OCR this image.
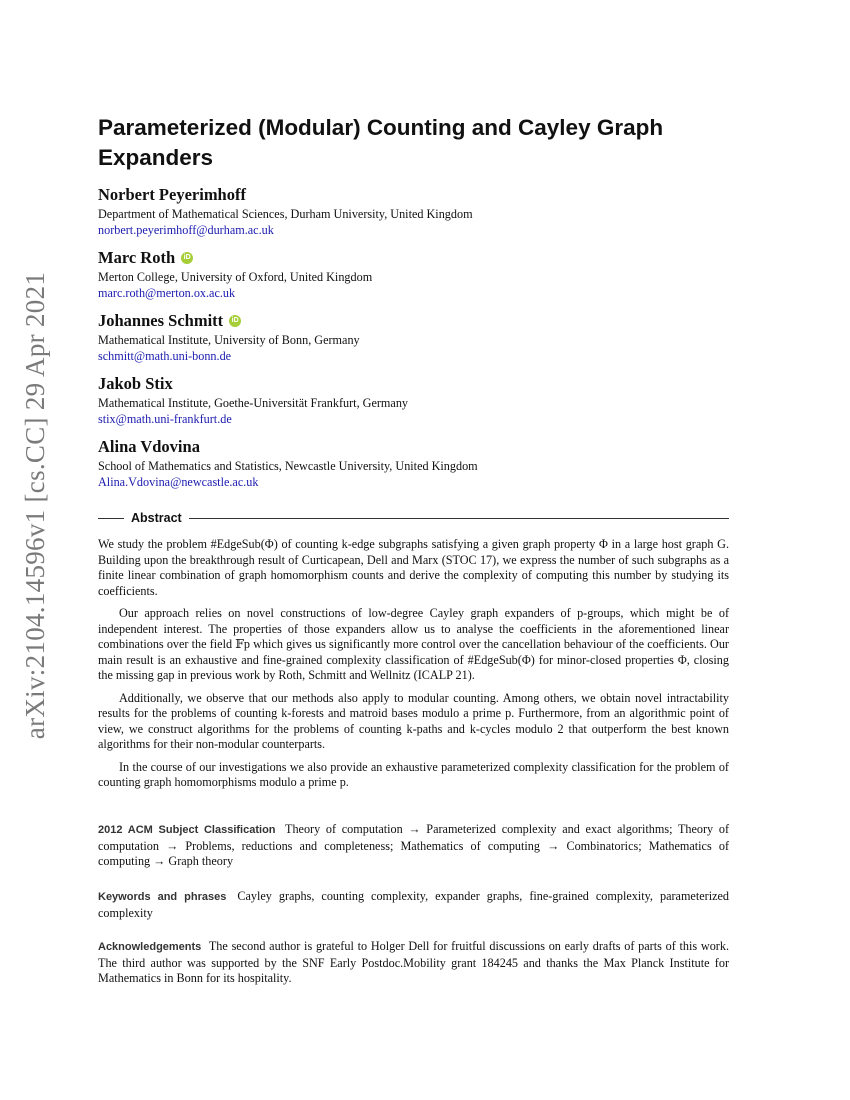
arXiv:2104.14596v1 [cs.CC] 29 Apr 2021
Parameterized (Modular) Counting and Cayley Graph Expanders
Norbert Peyerimhoff
Department of Mathematical Sciences, Durham University, United Kingdom
norbert.peyerimhoff@durham.ac.uk
Marc Roth	iD
Merton College, University of Oxford, United Kingdom
marc.roth@merton.ox.ac.uk
Johannes Schmitt	iD
Mathematical Institute, University of Bonn, Germany
schmitt@math.uni-bonn.de
Jakob Stix
Mathematical Institute, Goethe-Universität Frankfurt, Germany
stix@math.uni-frankfurt.de
Alina Vdovina
School of Mathematics and Statistics, Newcastle University, United Kingdom
Alina.Vdovina@newcastle.ac.uk
Abstract

We study the problem #EdgeSub(Φ) of counting k-edge subgraphs satisfying a given graph property Φ in a large host graph G. Building upon the breakthrough result of Curticapean, Dell and Marx (STOC 17), we express the number of such subgraphs as a finite linear combination of graph homomorphism counts and derive the complexity of computing this number by studying its coefficients.

Our approach relies on novel constructions of low-degree Cayley graph expanders of p-groups, which might be of independent interest. The properties of those expanders allow us to analyse the coefficients in the aforementioned linear combinations over the field 𝔽p which gives us significantly more control over the cancellation behaviour of the coefficients. Our main result is an exhaustive and fine-grained complexity classification of #EdgeSub(Φ) for minor-closed properties Φ, closing the missing gap in previous work by Roth, Schmitt and Wellnitz (ICALP 21).

Additionally, we observe that our methods also apply to modular counting. Among others, we obtain novel intractability results for the problems of counting k-forests and matroid bases modulo a prime p. Furthermore, from an algorithmic point of view, we construct algorithms for the problems of counting k-paths and k-cycles modulo 2 that outperform the best known algorithms for their non-modular counterparts.

In the course of our investigations we also provide an exhaustive parameterized complexity classification for the problem of counting graph homomorphisms modulo a prime p.

2012 ACM Subject Classification Theory of computation → Parameterized complexity and exact algorithms; Theory of computation → Problems, reductions and completeness; Mathematics of computing → Combinatorics; Mathematics of computing → Graph theory
Keywords and phrases Cayley graphs, counting complexity, expander graphs, fine-grained complexity, parameterized complexity
Acknowledgements The second author is grateful to Holger Dell for fruitful discussions on early drafts of parts of this work. The third author was supported by the SNF Early Postdoc.Mobility grant 184245 and thanks the Max Planck Institute for Mathematics in Bonn for its hospitality.
